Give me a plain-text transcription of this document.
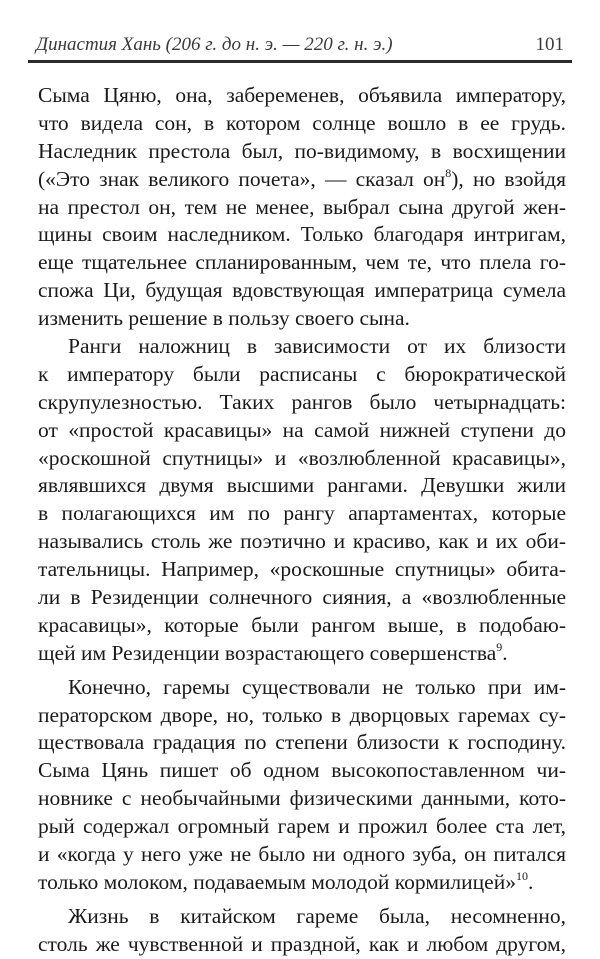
Династия Хань (206 г. до н. э. — 220 г. н. э.)	101
Сыма Цяню, она, забеременев, объявила императору,
что видела сон, в котором солнце вошло в ее грудь.
Наследник престола был, по-видимому, в восхищении
(«Это знак великого почета», — сказал $он^8$), но взойдя
на престол он, тем не менее, выбрал сына другой жен-
щины своим наследником. Только благодаря интригам,
еще тщательнее спланированным, чем те, что плела го-
спожа Ци, будущая вдовствующая императрица сумела
изменить решение в пользу своего сына.
Ранги наложниц в зависимости от их близости
к императору были расписаны с бюрократической
скрупулезностью. Таких рангов было четырнадцать:
от «простой красавицы» на самой нижней ступени до
«роскошной спутницы» и «возлюбленной красавицы»,
являвшихся двумя высшими рангами. Девушки жили
в полагающихся им по рангу апартаментах, которые
назывались столь же поэтично и красиво, как и их оби-
тательницы. Например, «роскошные спутницы» обита-
ли в Резиденции солнечного сияния, а «возлюбленные
красавицы», которые были рангом выше, в подобаю-
щей им Резиденции возрастающего совершенства$^9$.
Конечно, гаремы существовали не только при им-
ператорском дворе, но, только в дворцовых гаремах су-
ществовала градация по степени близости к господину.
Сыма Цянь пишет об одном высокопоставленном чи-
новнике с необычайными физическими данными, кото-
рый содержал огромный гарем и прожил более ста лет,
и «когда у него уже не было ни одного зуба, он питался
только молоком, подаваемым молодой кормилицей»$^{10}$.
Жизнь в китайском гареме была, несомненно,
столь же чувственной и праздной, как и любом другом,
